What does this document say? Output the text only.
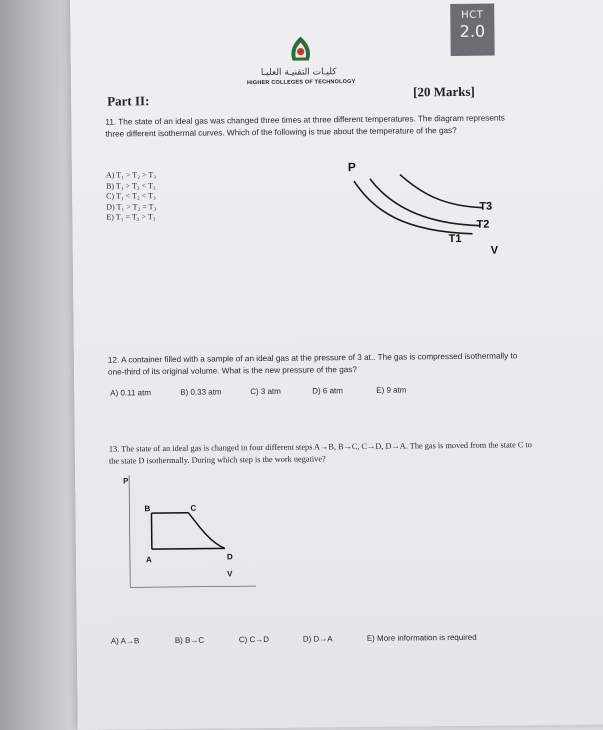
HCT
2.0
كليـات التقنيـة العليـا
HIGHER COLLEGES OF TECHNOLOGY
Part II:
[20 Marks]
11. The state of an ideal gas was changed three times at three different temperatures. The diagram represents three different isothermal curves. Which of the following is true about the temperature of the gas?
A) T₁ > T₂ > T₃
B) T₁ > T₂ < T₃
C) T₁ < T₂ < T₃
D) T₁ > T₂ = T₃
E) T₁ = T₂ > T₃
P
T1
T2
T3
V
12. A container filled with a sample of an ideal gas at the pressure of 3 at.. The gas is compressed isothermally to one-third of its original volume. What is the new pressure of the gas?
A) 0.11 atm	B) 0.33 atm	C) 3 atm	D) 6 atm	E) 9 atm
13. The state of an ideal gas is changed in four different steps A→B, B→C, C→D, D→A. The gas is moved from the state C to the state D isothermally. During which step is the work negative?
P
B	C
A	D
V
A) A→B	B) B→C	C) C→D	D) D→A	E) More information is required
